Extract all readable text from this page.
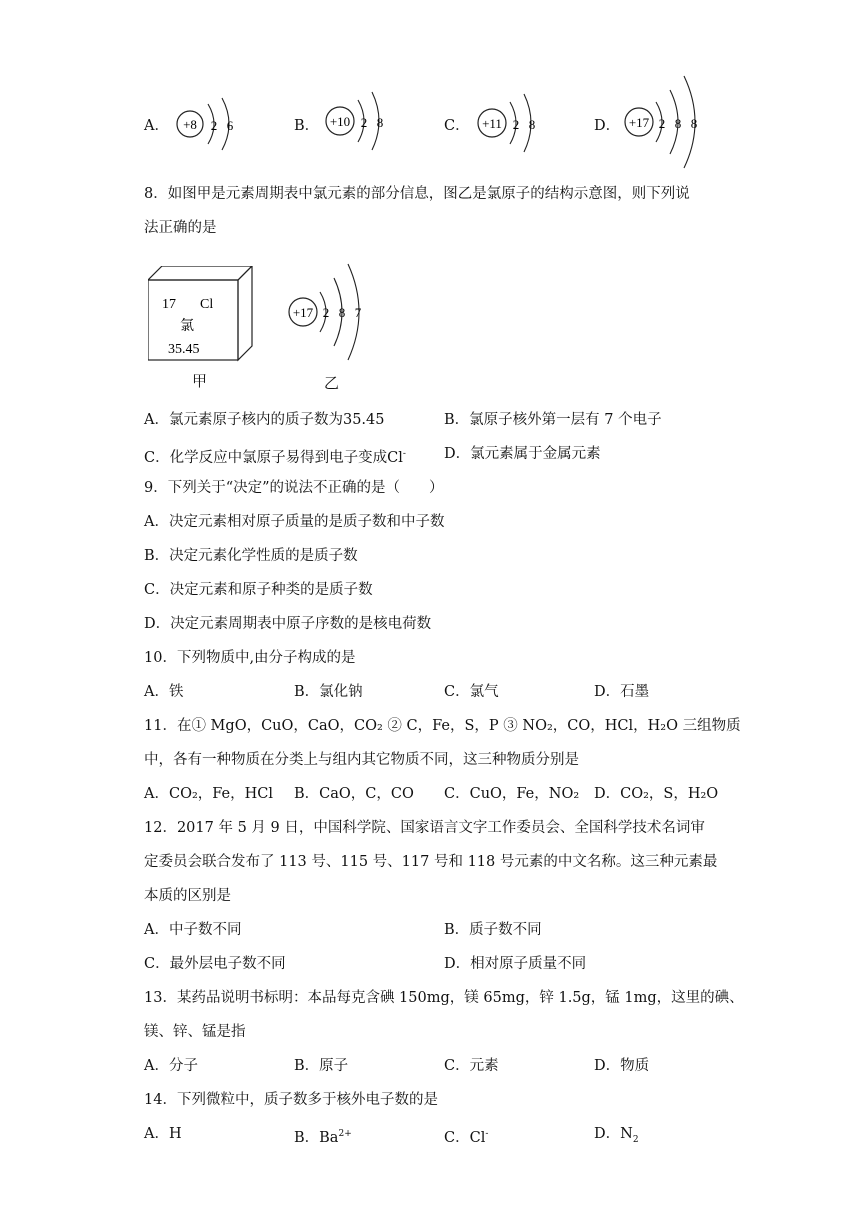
A． +8 2 6	B． +10 2 8	C． +11 2 8	D． +17 2 8 8
8．如图甲是元素周期表中氯元素的部分信息，图乙是氯原子的结构示意图，则下列说
法正确的是
17 Cl
氯
35.45
甲
+17 2 8 7
乙
A．氯元素原子核内的质子数为35.45	B．氯原子核外第一层有 7 个电子
C．化学反应中氯原子易得到电子变成Cl-	D．氯元素属于金属元素
9．下列关于“决定”的说法不正确的是（　　）
A．决定元素相对原子质量的是质子数和中子数
B．决定元素化学性质的是质子数
C．决定元素和原子种类的是质子数
D．决定元素周期表中原子序数的是核电荷数
10．下列物质中,由分子构成的是
A．铁	B．氯化钠	C．氯气	D．石墨
11．在① MgO，CuO，CaO，CO₂ ② C，Fe，S，P ③ NO₂，CO，HCl，H₂O 三组物质
中，各有一种物质在分类上与组内其它物质不同，这三种物质分别是
A．CO₂，Fe，HCl B．CaO，C，CO C．CuO，Fe，NO₂ D．CO₂，S，H₂O
12．2017 年 5 月 9 日，中国科学院、国家语言文字工作委员会、全国科学技术名词审
定委员会联合发布了 113 号、115 号、117 号和 118 号元素的中文名称。这三种元素最
本质的区别是
A．中子数不同	B．质子数不同
C．最外层电子数不同	D．相对原子质量不同
13．某药品说明书标明：本品每克含碘 150mg，镁 65mg，锌 1.5g，锰 1mg，这里的碘、
镁、锌、锰是指
A．分子	B．原子	C．元素	D．物质
14．下列微粒中，质子数多于核外电子数的是
A．H	B．$Ba^{2+}$	C．Cl-	D．$N_2$
